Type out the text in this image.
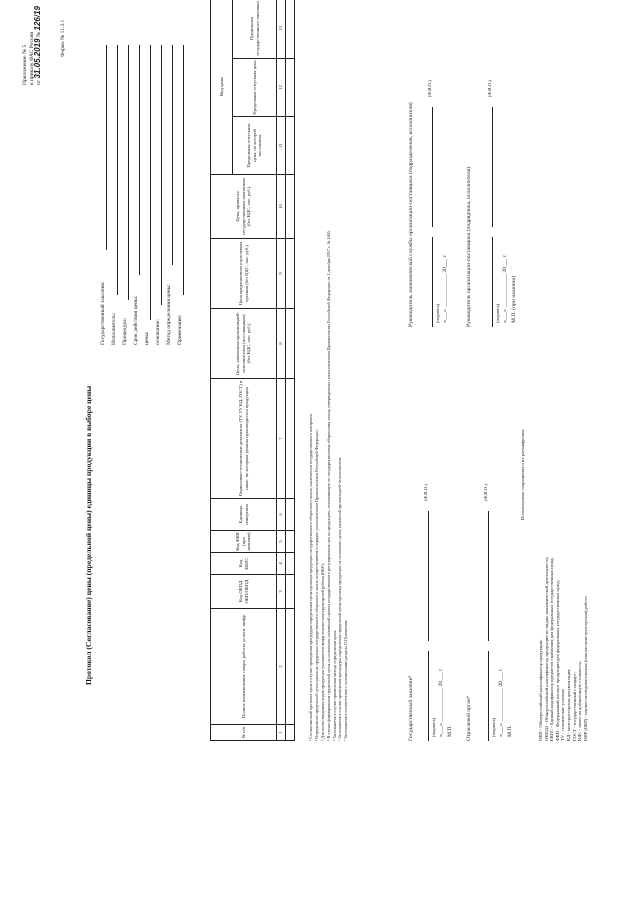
Приложение № 5 к приказу ФАС России от 31.05.2019 № 126/19
Форма № 11.3.1
Протокол (Согласование) цены (предельной цены) единицы продукции в выборе цены
Государственный заказчик: Исполнитель: Процедура: Срок действия цены: цены: основание: Метод определения цены: Примечание:
№ п/п	Полное наименование товара, работы, услуги, шифр	Код ОКПД ОКП/ОКПД	Код ЕКПС	Код ФКИ (при наличии)	Единица измерения	Нормативно-технические документы (ТУ, ТУ КД, ГОСТ) и иные, по которым должна производиться продукция	Цена, заявленная организацией-исполнителем (поставщиком) (без НДС, тыс. руб.)	Цена предложенная отраслевым органом (без НДС, тыс. руб.)	Цена, принятая государственным заказчиком (без НДС, тыс. руб.)	Вид цены		
										Предельная отпускная цена, по которой поставлена	Предельная отпускная цена	Предельная государственного заказчика
1	2	3	4	5	6	7	8	9	10	11	12	13

¹ Согласованный протокол цены в случае проведения процедуры определения цены единицы продукции государственного оборонного заказа, заключения государственного контракта. ² Определение предельной цены единицы продукции государственного оборонного заказа осуществляется в порядке, установленном Правительством Российской Федерации. ³ Для вновь вводимых видов продукции указывается шифр опытно-конструкторской работы (ОКР). ⁴ В случае формирования предельной цены на основании положений правил государственного регулирования цен на продукцию, поставляемую по государственному оборонному заказу, утвержденных постановлением Правительства Российской Федерации от 2 декабря 2017 г. № 1465. ⁵ Заполняется в случае применения метода определения цены. ⁶ Заполняется в случае проведения процедуры определения предельной цены единицы продукции на основании цены, указанной организацией-исполнителем. ⁷ Заполняется в соответствии с положениями раздела II Положения.	Государственный заказчик⁸	(подпись)
(Ф.И.О.)
«___» ____________ 20___ г.
М.П. Отраслевой орган⁸	(подпись)
(Ф.И.О.)
«___» ____________ 20___ г.
М.П.
Руководитель экономической службы организации-поставщика (подразделения, исполнителя)	(подпись)
(Ф.И.О.)
«___» ____________ 20___ г.	Руководитель организации-поставщика (подрядчика, исполнителя)	(подпись)
(Ф.И.О.)
«___» ____________ 20___ г.
М.П. (при наличии)
Используемые сокращения и их расшифровка:
ОКП - Общероссийский классификатор продукции; ОКПД2 - Общероссийский классификатор продукции по видам экономической деятельности; ЕКПС - Единый кодификатор предметов снабжения для федеральных государственных нужд; ФКИ - Федеральный каталог продукции для федеральных государственных нужд; ТУ - технические условия; КД - конструкторская документация; ГОСТ - государственный стандарт; НДС - налог на добавленную стоимость; НИР (ОКР) - научно-исследовательская (опытно-конструкторская) работа.
